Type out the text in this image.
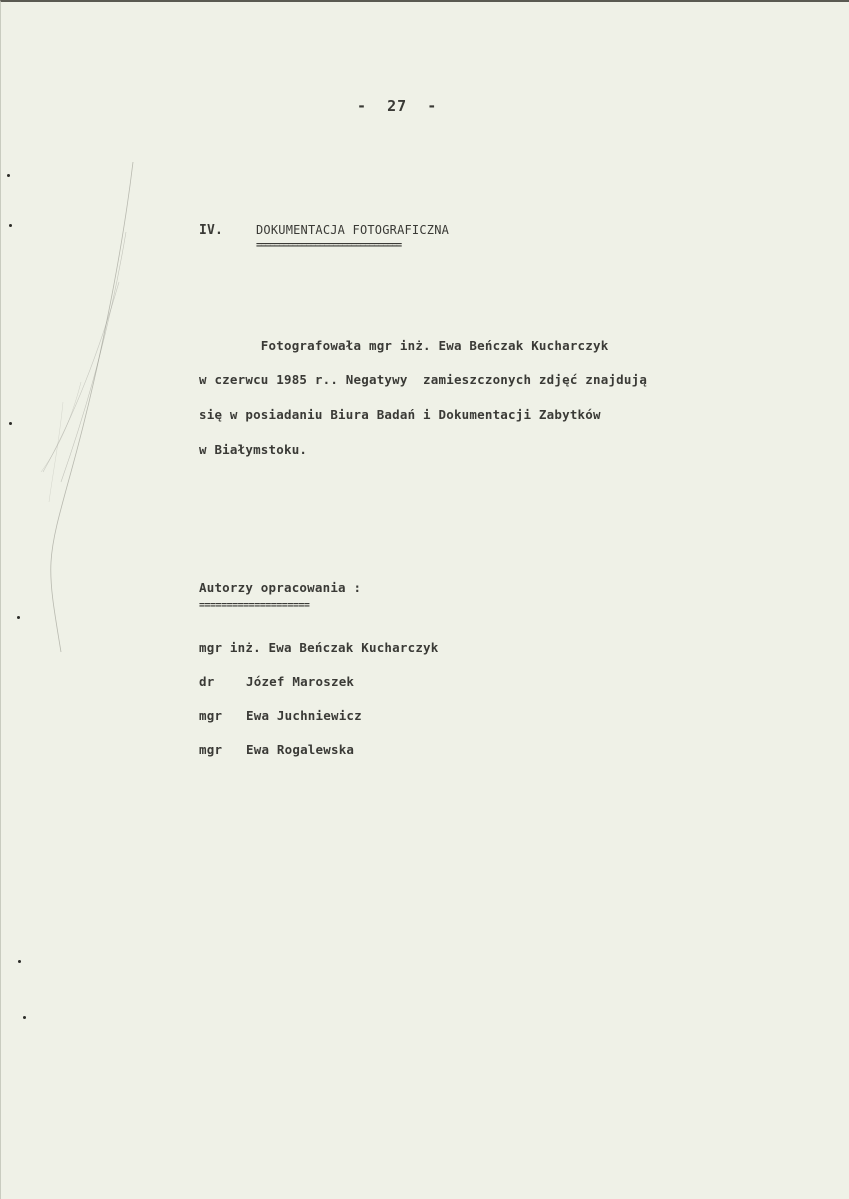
-  27  -
IV.	DOKUMENTACJA FOTOGRAFICZNA
================================
Fotografowała mgr inż. Ewa Beńczak Kucharczyk
w czerwcu 1985 r.. Negatywy  zamieszczonych zdjęć znajdują
się w posiadaniu Biura Badań i Dokumentacji Zabytków
w Białymstoku.
Autorzy opracowania :
====================
mgr inż. Ewa Beńczak Kucharczyk
dr	Józef Maroszek
mgr Ewa Juchniewicz
mgr Ewa Rogalewska
